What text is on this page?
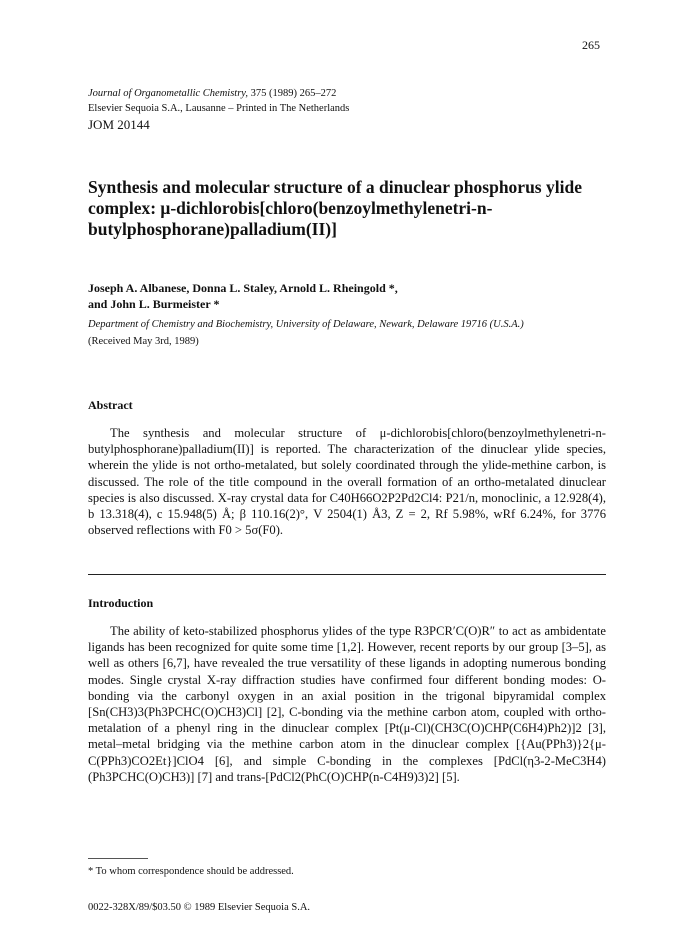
265
Journal of Organometallic Chemistry, 375 (1989) 265–272
Elsevier Sequoia S.A., Lausanne – Printed in The Netherlands
JOM 20144
Synthesis and molecular structure of a dinuclear phosphorus ylide complex: μ-dichlorobis[chloro(benzoylmethylenetri-n-butylphosphorane)palladium(II)]
Joseph A. Albanese, Donna L. Staley, Arnold L. Rheingold *,
and John L. Burmeister *
Department of Chemistry and Biochemistry, University of Delaware, Newark, Delaware 19716 (U.S.A.)
(Received May 3rd, 1989)
Abstract

The synthesis and molecular structure of μ-dichlorobis[chloro(benzoylmethylenetri-n-butylphosphorane)palladium(II)] is reported. The characterization of the dinuclear ylide species, wherein the ylide is not ortho-metalated, but solely coordinated through the ylide-methine carbon, is discussed. The role of the title compound in the overall formation of an ortho-metalated dinuclear species is also discussed. X-ray crystal data for C40H66O2P2Pd2Cl4: P21/n, monoclinic, a 12.928(4), b 13.318(4), c 15.948(5) Å; β 110.16(2)°, V 2504(1) Å3, Z = 2, Rf 5.98%, wRf 6.24%, for 3776 observed reflections with F0 > 5σ(F0).

Introduction

The ability of keto-stabilized phosphorus ylides of the type R3PCR′C(O)R″ to act as ambidentate ligands has been recognized for quite some time [1,2]. However, recent reports by our group [3–5], as well as others [6,7], have revealed the true versatility of these ligands in adopting numerous bonding modes. Single crystal X-ray diffraction studies have confirmed four different bonding modes: O-bonding via the carbonyl oxygen in an axial position in the trigonal bipyramidal complex [Sn(CH3)3(Ph3PCHC(O)CH3)Cl] [2], C-bonding via the methine carbon atom, coupled with ortho-metalation of a phenyl ring in the dinuclear complex [Pt(μ-Cl)(CH3C(O)CHP(C6H4)Ph2)]2 [3], metal–metal bridging via the methine carbon atom in the dinuclear complex [{Au(PPh3)}2{μ-C(PPh3)CO2Et}]ClO4 [6], and simple C-bonding in the complexes [PdCl(η3-2-MeC3H4)(Ph3PCHC(O)CH3)] [7] and trans-[PdCl2(PhC(O)CHP(n-C4H9)3)2] [5].

* To whom correspondence should be addressed.
0022-328X/89/$03.50 © 1989 Elsevier Sequoia S.A.
